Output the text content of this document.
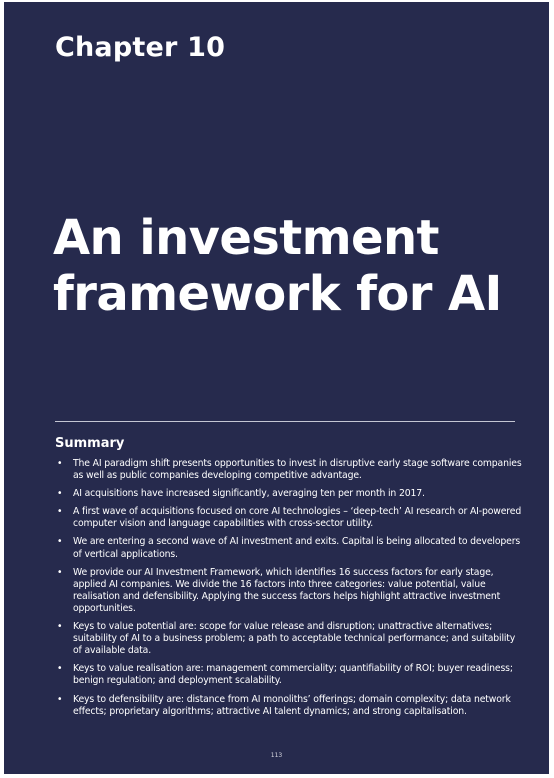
Chapter 10
An investment
framework for AI
Summary
• The AI paradigm shift presents opportunities to invest in disruptive early stage software companies as well as public companies developing competitive advantage.
• AI acquisitions have increased significantly, averaging ten per month in 2017.
• A first wave of acquisitions focused on core AI technologies – ‘deep-tech’ AI research or AI-powered computer vision and language capabilities with cross-sector utility.
• We are entering a second wave of AI investment and exits. Capital is being allocated to developers of vertical applications.
• We provide our AI Investment Framework, which identifies 16 success factors for early stage, applied AI companies. We divide the 16 factors into three categories: value potential, value realisation and defensibility. Applying the success factors helps highlight attractive investment opportunities.
• Keys to value potential are: scope for value release and disruption; unattractive alternatives; suitability of AI to a business problem; a path to acceptable technical performance; and suitability of available data.
• Keys to value realisation are: management commerciality; quantifiability of ROI; buyer readiness; benign regulation; and deployment scalability.
• Keys to defensibility are: distance from AI monoliths’ offerings; domain complexity; data network effects; proprietary algorithms; attractive AI talent dynamics; and strong capitalisation.
113
